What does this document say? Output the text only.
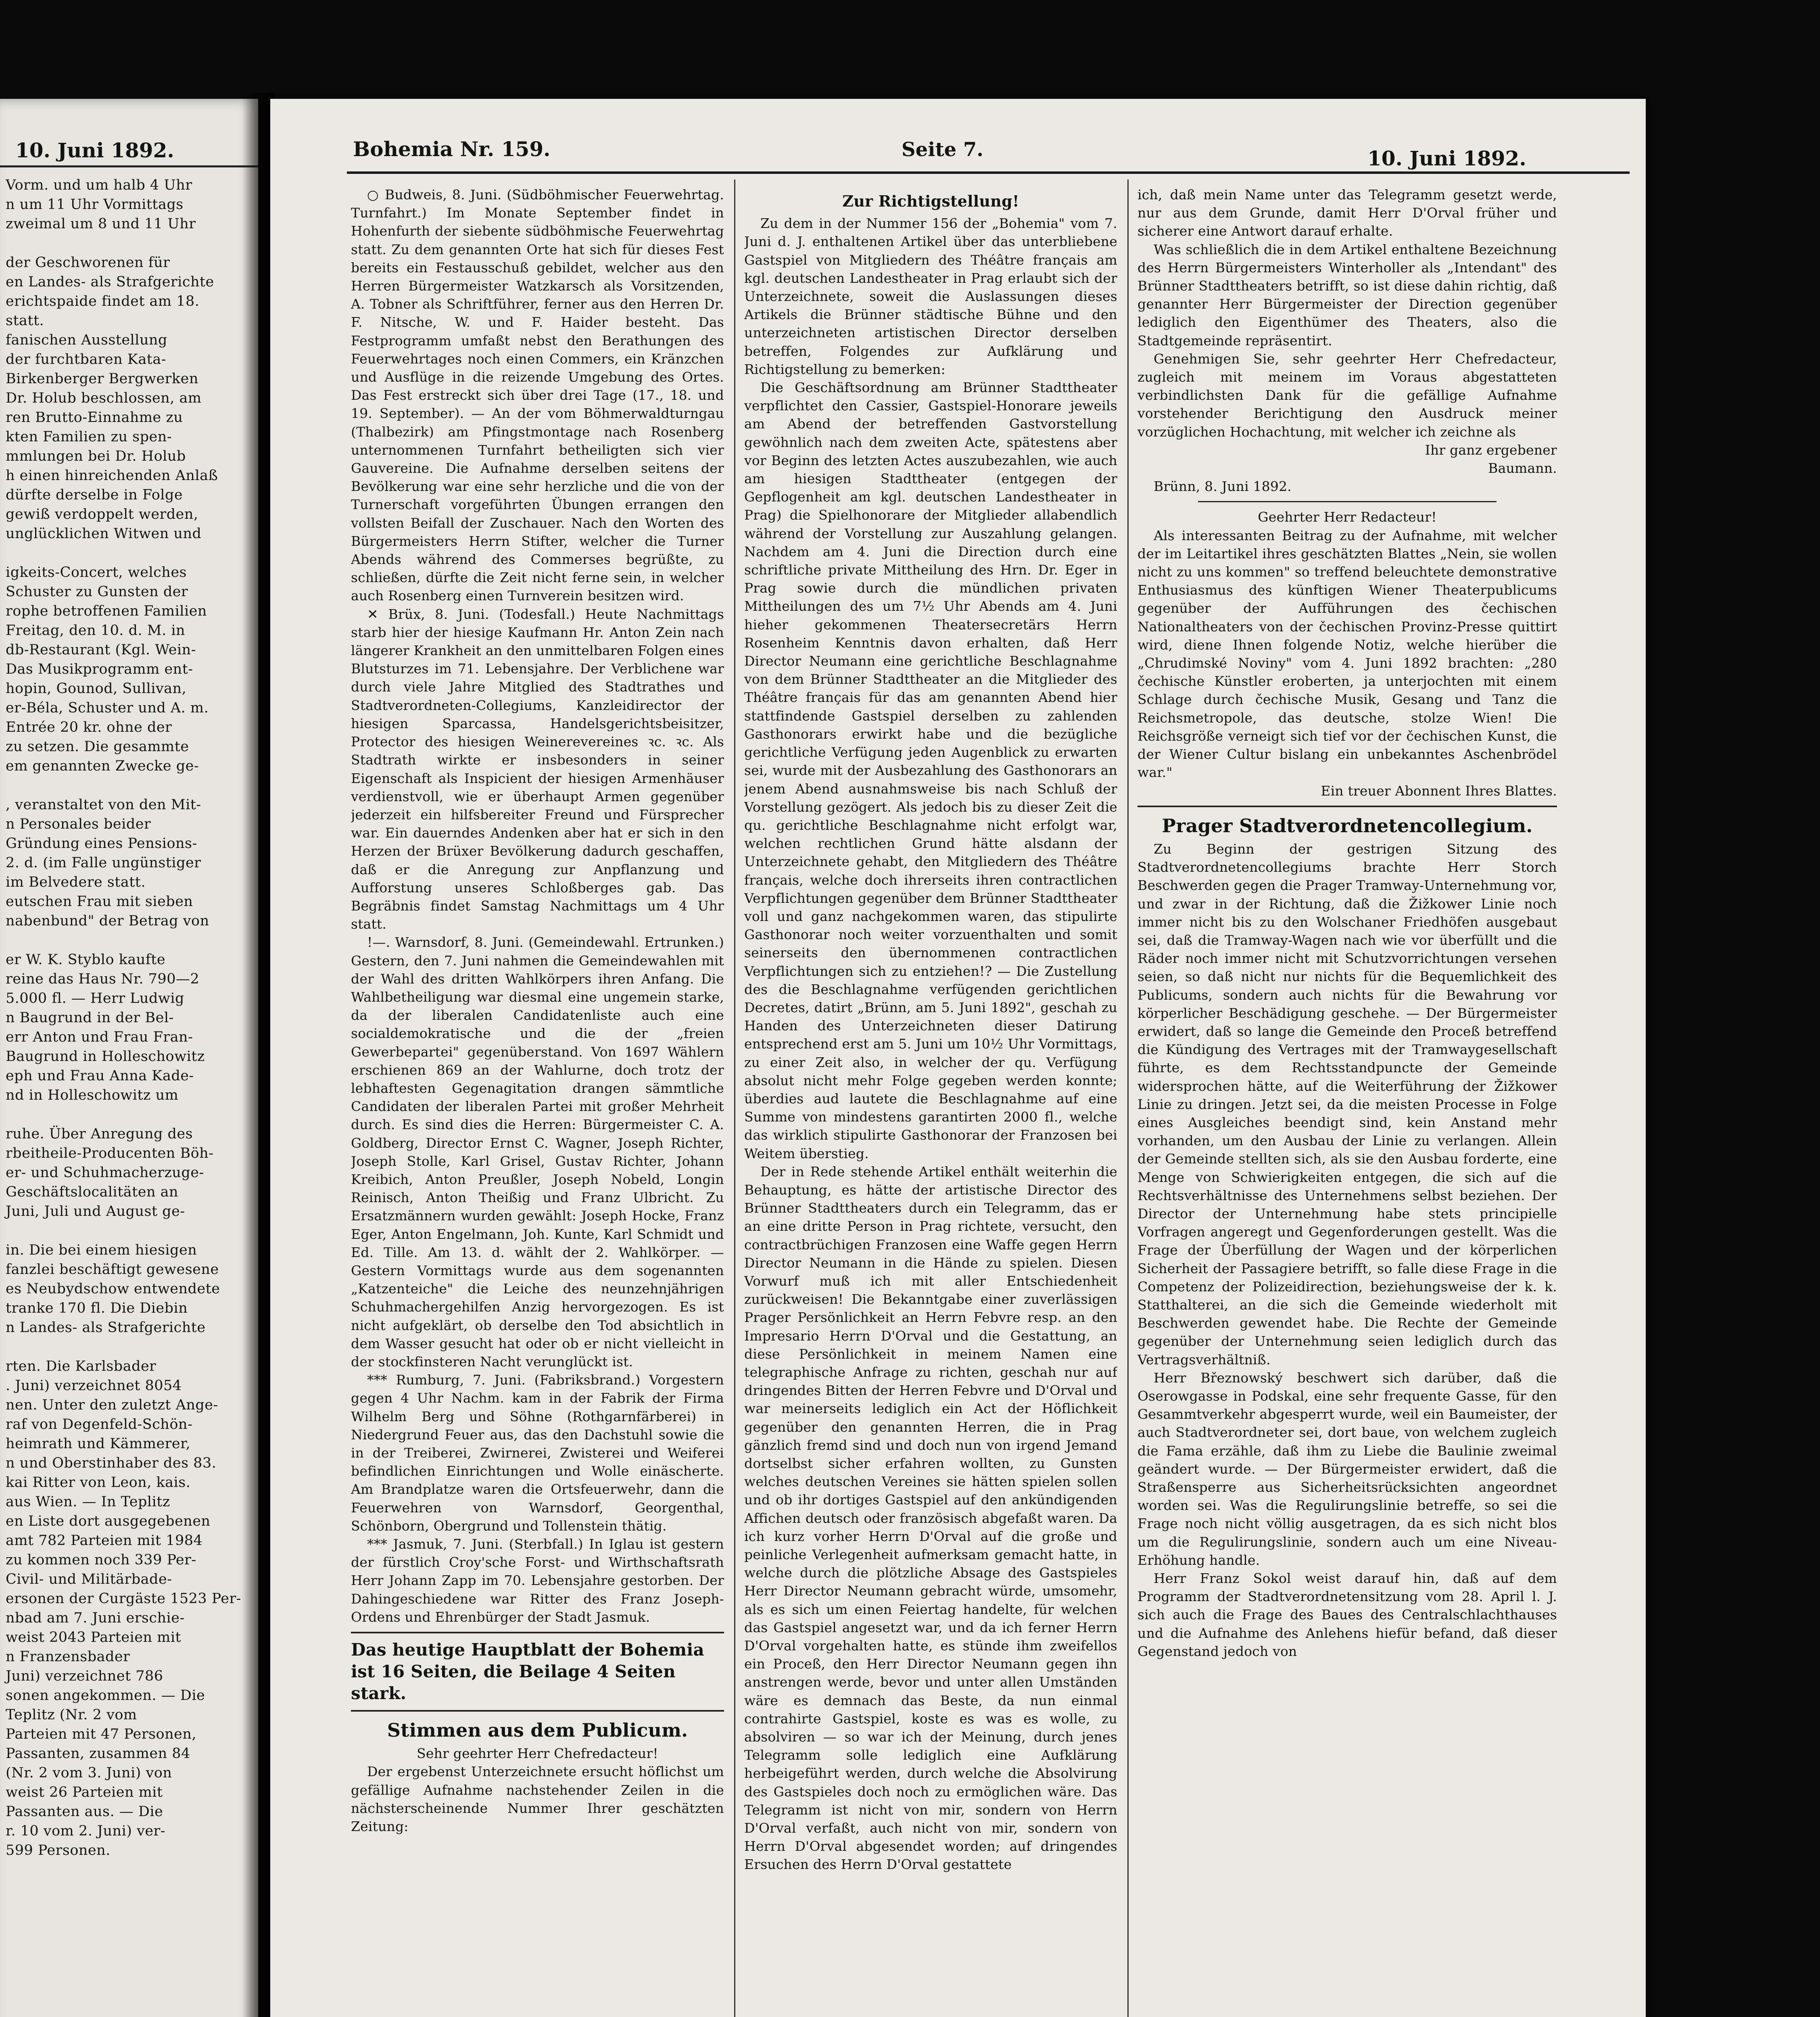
10. Juni 1892.
Vorm. und um halb 4 Uhr
n um 11 Uhr Vormittags
zweimal um 8 und 11 Uhr
der Geschworenen für
en Landes- als Strafgerichte
erichtspaide findet am 18.
statt.
fanischen Ausstellung
der furchtbaren Kata-
Birkenberger Bergwerken
Dr. Holub beschlossen, am
ren Brutto-Einnahme zu
kten Familien zu spen-
mmlungen bei Dr. Holub
h einen hinreichenden Anlaß
dürfte derselbe in Folge
gewiß verdoppelt werden,
unglücklichen Witwen und
igkeits-Concert, welches
Schuster zu Gunsten der
rophe betroffenen Familien
Freitag, den 10. d. M. in
db-Restaurant (Kgl. Wein-
Das Musikprogramm ent-
hopin, Gounod, Sullivan,
er-Béla, Schuster und A. m.
Entrée 20 kr. ohne der
zu setzen. Die gesammte
em genannten Zwecke ge-
, veranstaltet von den Mit-
n Personales beider
Gründung eines Pensions-
2. d. (im Falle ungünstiger
im Belvedere statt.
eutschen Frau mit sieben
nabenbund" der Betrag von
er W. K. Styblo kaufte
reine das Haus Nr. 790—2
5.000 fl. — Herr Ludwig
n Baugrund in der Bel-
err Anton und Frau Fran-
Baugrund in Holleschowitz
eph und Frau Anna Kade-
nd in Holleschowitz um
ruhe. Über Anregung des
rbeitheile-Producenten Böh-
er- und Schuhmacherzuge-
Geschäftslocalitäten an
Juni, Juli und August ge-
in. Die bei einem hiesigen
fanzlei beschäftigt gewesene
es Neubydschow entwendete
tranke 170 fl. Die Diebin
n Landes- als Strafgerichte
rten. Die Karlsbader
. Juni) verzeichnet 8054
nen. Unter den zuletzt Ange-
raf von Degenfeld-Schön-
heimrath und Kämmerer,
n und Oberstinhaber des 83.
kai Ritter von Leon, kais.
aus Wien. — In Teplitz
en Liste dort ausgegebenen
amt 782 Parteien mit 1984
zu kommen noch 339 Per-
Civil- und Militärbade-
ersonen der Curgäste 1523 Per-
nbad am 7. Juni erschie-
weist 2043 Parteien mit
n Franzensbader
Juni) verzeichnet 786
sonen angekommen. — Die
Teplitz (Nr. 2 vom
Parteien mit 47 Personen,
Passanten, zusammen 84
(Nr. 2 vom 3. Juni) von
weist 26 Parteien mit
Passanten aus. — Die
r. 10 vom 2. Juni) ver-
599 Personen.
Bohemia Nr. 159.	Seite 7.	10. Juni 1892.

○ Budweis, 8. Juni. (Südböhmischer Feuerwehrtag. Turnfahrt.) Im Monate September findet in Hohenfurth der siebente südböhmische Feuerwehrtag statt. Zu dem genannten Orte hat sich für dieses Fest bereits ein Festausschuß gebildet, welcher aus den Herren Bürgermeister Watzkarsch als Vorsitzenden, A. Tobner als Schriftführer, ferner aus den Herren Dr. F. Nitsche, W. und F. Haider besteht. Das Festprogramm umfaßt nebst den Berathungen des Feuerwehrtages noch einen Commers, ein Kränzchen und Ausflüge in die reizende Umgebung des Ortes. Das Fest erstreckt sich über drei Tage (17., 18. und 19. September). — An der vom Böhmerwaldturngau (Thalbezirk) am Pfingstmontage nach Rosenberg unternommenen Turnfahrt betheiligten sich vier Gauvereine. Die Aufnahme derselben seitens der Bevölkerung war eine sehr herzliche und die von der Turnerschaft vorgeführten Übungen errangen den vollsten Beifall der Zuschauer. Nach den Worten des Bürgermeisters Herrn Stifter, welcher die Turner Abends während des Commerses begrüßte, zu schließen, dürfte die Zeit nicht ferne sein, in welcher auch Rosenberg einen Turnverein besitzen wird.

✕ Brüx, 8. Juni. (Todesfall.) Heute Nachmittags starb hier der hiesige Kaufmann Hr. Anton Zein nach längerer Krankheit an den unmittelbaren Folgen eines Blutsturzes im 71. Lebensjahre. Der Verblichene war durch viele Jahre Mitglied des Stadtrathes und Stadtverordneten-Collegiums, Kanzleidirector der hiesigen Sparcassa, Handelsgerichtsbeisitzer, Protector des hiesigen Weinerevereines ꝛc. ꝛc. Als Stadtrath wirkte er insbesonders in seiner Eigenschaft als Inspicient der hiesigen Armenhäuser verdienstvoll, wie er überhaupt Armen gegenüber jederzeit ein hilfsbereiter Freund und Fürsprecher war. Ein dauerndes Andenken aber hat er sich in den Herzen der Brüxer Bevölkerung dadurch geschaffen, daß er die Anregung zur Anpflanzung und Aufforstung unseres Schloßberges gab. Das Begräbnis findet Samstag Nachmittags um 4 Uhr statt.

!—. Warnsdorf, 8. Juni. (Gemeindewahl. Ertrunken.) Gestern, den 7. Juni nahmen die Gemeindewahlen mit der Wahl des dritten Wahlkörpers ihren Anfang. Die Wahlbetheiligung war diesmal eine ungemein starke, da der liberalen Candidatenliste auch eine socialdemokratische und die der „freien Gewerbepartei" gegenüberstand. Von 1697 Wählern erschienen 869 an der Wahlurne, doch trotz der lebhaftesten Gegenagitation drangen sämmtliche Candidaten der liberalen Partei mit großer Mehrheit durch. Es sind dies die Herren: Bürgermeister C. A. Goldberg, Director Ernst C. Wagner, Joseph Richter, Joseph Stolle, Karl Grisel, Gustav Richter, Johann Kreibich, Anton Preußler, Joseph Nobeld, Longin Reinisch, Anton Theißig und Franz Ulbricht. Zu Ersatzmännern wurden gewählt: Joseph Hocke, Franz Eger, Anton Engelmann, Joh. Kunte, Karl Schmidt und Ed. Tille. Am 13. d. wählt der 2. Wahlkörper. — Gestern Vormittags wurde aus dem sogenannten „Katzenteiche" die Leiche des neunzehnjährigen Schuhmachergehilfen Anzig hervorgezogen. Es ist nicht aufgeklärt, ob derselbe den Tod absichtlich in dem Wasser gesucht hat oder ob er nicht vielleicht in der stockfinsteren Nacht verunglückt ist.

*** Rumburg, 7. Juni. (Fabriksbrand.) Vorgestern gegen 4 Uhr Nachm. kam in der Fabrik der Firma Wilhelm Berg und Söhne (Rothgarnfärberei) in Niedergrund Feuer aus, das den Dachstuhl sowie die in der Treiberei, Zwirnerei, Zwisterei und Weiferei befindlichen Einrichtungen und Wolle einäscherte. Am Brandplatze waren die Ortsfeuerwehr, dann die Feuerwehren von Warnsdorf, Georgenthal, Schönborn, Obergrund und Tollenstein thätig.

*** Jasmuk, 7. Juni. (Sterbfall.) In Iglau ist gestern der fürstlich Croy'sche Forst- und Wirthschaftsrath Herr Johann Zapp im 70. Lebensjahre gestorben. Der Dahingeschiedene war Ritter des Franz Joseph-Ordens und Ehrenbürger der Stadt Jasmuk.

Das heutige Hauptblatt der Bohemia ist 16 Seiten, die Beilage 4 Seiten stark.

Stimmen aus dem Publicum.

Sehr geehrter Herr Chefredacteur!

Der ergebenst Unterzeichnete ersucht höflichst um gefällige Aufnahme nachstehender Zeilen in die nächsterscheinende Nummer Ihrer geschätzten Zeitung:

Zur Richtigstellung!

Zu dem in der Nummer 156 der „Bohemia" vom 7. Juni d. J. enthaltenen Artikel über das unterbliebene Gastspiel von Mitgliedern des Théâtre français am kgl. deutschen Landestheater in Prag erlaubt sich der Unterzeichnete, soweit die Auslassungen dieses Artikels die Brünner städtische Bühne und den unterzeichneten artistischen Director derselben betreffen, Folgendes zur Aufklärung und Richtigstellung zu bemerken:

Die Geschäftsordnung am Brünner Stadttheater verpflichtet den Cassier, Gastspiel-Honorare jeweils am Abend der betreffenden Gastvorstellung gewöhnlich nach dem zweiten Acte, spätestens aber vor Beginn des letzten Actes auszubezahlen, wie auch am hiesigen Stadttheater (entgegen der Gepflogenheit am kgl. deutschen Landestheater in Prag) die Spielhonorare der Mitglieder allabendlich während der Vorstellung zur Auszahlung gelangen. Nachdem am 4. Juni die Direction durch eine schriftliche private Mittheilung des Hrn. Dr. Eger in Prag sowie durch die mündlichen privaten Mittheilungen des um 7½ Uhr Abends am 4. Juni hieher gekommenen Theatersecretärs Herrn Rosenheim Kenntnis davon erhalten, daß Herr Director Neumann eine gerichtliche Beschlagnahme von dem Brünner Stadttheater an die Mitglieder des Théâtre français für das am genannten Abend hier stattfindende Gastspiel derselben zu zahlenden Gasthonorars erwirkt habe und die bezügliche gerichtliche Verfügung jeden Augenblick zu erwarten sei, wurde mit der Ausbezahlung des Gasthonorars an jenem Abend ausnahmsweise bis nach Schluß der Vorstellung gezögert. Als jedoch bis zu dieser Zeit die qu. gerichtliche Beschlagnahme nicht erfolgt war, welchen rechtlichen Grund hätte alsdann der Unterzeichnete gehabt, den Mitgliedern des Théâtre français, welche doch ihrerseits ihren contractlichen Verpflichtungen gegenüber dem Brünner Stadttheater voll und ganz nachgekommen waren, das stipulirte Gasthonorar noch weiter vorzuenthalten und somit seinerseits den übernommenen contractlichen Verpflichtungen sich zu entziehen!? — Die Zustellung des die Beschlagnahme verfügenden gerichtlichen Decretes, datirt „Brünn, am 5. Juni 1892", geschah zu Handen des Unterzeichneten dieser Datirung entsprechend erst am 5. Juni um 10½ Uhr Vormittags, zu einer Zeit also, in welcher der qu. Verfügung absolut nicht mehr Folge gegeben werden konnte; überdies aud lautete die Beschlagnahme auf eine Summe von mindestens garantirten 2000 fl., welche das wirklich stipulirte Gasthonorar der Franzosen bei Weitem überstieg.

Der in Rede stehende Artikel enthält weiterhin die Behauptung, es hätte der artistische Director des Brünner Stadttheaters durch ein Telegramm, das er an eine dritte Person in Prag richtete, versucht, den contractbrüchigen Franzosen eine Waffe gegen Herrn Director Neumann in die Hände zu spielen. Diesen Vorwurf muß ich mit aller Entschiedenheit zurückweisen! Die Bekanntgabe einer zuverlässigen Prager Persönlichkeit an Herrn Febvre resp. an den Impresario Herrn D'Orval und die Gestattung, an diese Persönlichkeit in meinem Namen eine telegraphische Anfrage zu richten, geschah nur auf dringendes Bitten der Herren Febvre und D'Orval und war meinerseits lediglich ein Act der Höflichkeit gegenüber den genannten Herren, die in Prag gänzlich fremd sind und doch nun von irgend Jemand dortselbst sicher erfahren wollten, zu Gunsten welches deutschen Vereines sie hätten spielen sollen und ob ihr dortiges Gastspiel auf den ankündigenden Affichen deutsch oder französisch abgefaßt waren. Da ich kurz vorher Herrn D'Orval auf die große und peinliche Verlegenheit aufmerksam gemacht hatte, in welche durch die plötzliche Absage des Gastspieles Herr Director Neumann gebracht würde, umsomehr, als es sich um einen Feiertag handelte, für welchen das Gastspiel angesetzt war, und da ich ferner Herrn D'Orval vorgehalten hatte, es stünde ihm zweifellos ein Proceß, den Herr Director Neumann gegen ihn anstrengen werde, bevor und unter allen Umständen wäre es demnach das Beste, da nun einmal contrahirte Gastspiel, koste es was es wolle, zu absolviren — so war ich der Meinung, durch jenes Telegramm solle lediglich eine Aufklärung herbeigeführt werden, durch welche die Absolvirung des Gastspieles doch noch zu ermöglichen wäre. Das Telegramm ist nicht von mir, sondern von Herrn D'Orval verfaßt, auch nicht von mir, sondern von Herrn D'Orval abgesendet worden; auf dringendes Ersuchen des Herrn D'Orval gestattete

ich, daß mein Name unter das Telegramm gesetzt werde, nur aus dem Grunde, damit Herr D'Orval früher und sicherer eine Antwort darauf erhalte.

Was schließlich die in dem Artikel enthaltene Bezeichnung des Herrn Bürgermeisters Winterholler als „Intendant" des Brünner Stadttheaters betrifft, so ist diese dahin richtig, daß genannter Herr Bürgermeister der Direction gegenüber lediglich den Eigenthümer des Theaters, also die Stadtgemeinde repräsentirt.

Genehmigen Sie, sehr geehrter Herr Chefredacteur, zugleich mit meinem im Voraus abgestatteten verbindlichsten Dank für die gefällige Aufnahme vorstehender Berichtigung den Ausdruck meiner vorzüglichen Hochachtung, mit welcher ich zeichne als

Ihr ganz ergebener

Baumann.

Brünn, 8. Juni 1892.

Geehrter Herr Redacteur!

Als interessanten Beitrag zu der Aufnahme, mit welcher der im Leitartikel ihres geschätzten Blattes „Nein, sie wollen nicht zu uns kommen" so treffend beleuchtete demonstrative Enthusiasmus des künftigen Wiener Theaterpublicums gegenüber der Aufführungen des čechischen Nationaltheaters von der čechischen Provinz-Presse quittirt wird, diene Ihnen folgende Notiz, welche hierüber die „Chrudimské Noviny" vom 4. Juni 1892 brachten: „280 čechische Künstler eroberten, ja unterjochten mit einem Schlage durch čechische Musik, Gesang und Tanz die Reichsmetropole, das deutsche, stolze Wien! Die Reichsgröße verneigt sich tief vor der čechischen Kunst, die der Wiener Cultur bislang ein unbekanntes Aschenbrödel war."

Ein treuer Abonnent Ihres Blattes.

Prager Stadtverordnetencollegium.

Zu Beginn der gestrigen Sitzung des Stadtverordnetencollegiums brachte Herr Storch Beschwerden gegen die Prager Tramway-Unternehmung vor, und zwar in der Richtung, daß die Žižkower Linie noch immer nicht bis zu den Wolschaner Friedhöfen ausgebaut sei, daß die Tramway-Wagen nach wie vor überfüllt und die Räder noch immer nicht mit Schutzvorrichtungen versehen seien, so daß nicht nur nichts für die Bequemlichkeit des Publicums, sondern auch nichts für die Bewahrung vor körperlicher Beschädigung geschehe. — Der Bürgermeister erwidert, daß so lange die Gemeinde den Proceß betreffend die Kündigung des Vertrages mit der Tramwaygesellschaft führte, es dem Rechtsstandpuncte der Gemeinde widersprochen hätte, auf die Weiterführung der Žižkower Linie zu dringen. Jetzt sei, da die meisten Processe in Folge eines Ausgleiches beendigt sind, kein Anstand mehr vorhanden, um den Ausbau der Linie zu verlangen. Allein der Gemeinde stellten sich, als sie den Ausbau forderte, eine Menge von Schwierigkeiten entgegen, die sich auf die Rechtsverhältnisse des Unternehmens selbst beziehen. Der Director der Unternehmung habe stets principielle Vorfragen angeregt und Gegenforderungen gestellt. Was die Frage der Überfüllung der Wagen und der körperlichen Sicherheit der Passagiere betrifft, so falle diese Frage in die Competenz der Polizeidirection, beziehungsweise der k. k. Statthalterei, an die sich die Gemeinde wiederholt mit Beschwerden gewendet habe. Die Rechte der Gemeinde gegenüber der Unternehmung seien lediglich durch das Vertragsverhältniß.

Herr Březnowský beschwert sich darüber, daß die Oserowgasse in Podskal, eine sehr frequente Gasse, für den Gesammtverkehr abgesperrt wurde, weil ein Baumeister, der auch Stadtverordneter sei, dort baue, von welchem zugleich die Fama erzähle, daß ihm zu Liebe die Baulinie zweimal geändert wurde. — Der Bürgermeister erwidert, daß die Straßensperre aus Sicherheitsrücksichten angeordnet worden sei. Was die Regulirungslinie betreffe, so sei die Frage noch nicht völlig ausgetragen, da es sich nicht blos um die Regulirungslinie, sondern auch um eine Niveau-Erhöhung handle.

Herr Franz Sokol weist darauf hin, daß auf dem Programm der Stadtverordnetensitzung vom 28. April l. J. sich auch die Frage des Baues des Centralschlachthauses und die Aufnahme des Anlehens hiefür befand, daß dieser Gegenstand jedoch von
